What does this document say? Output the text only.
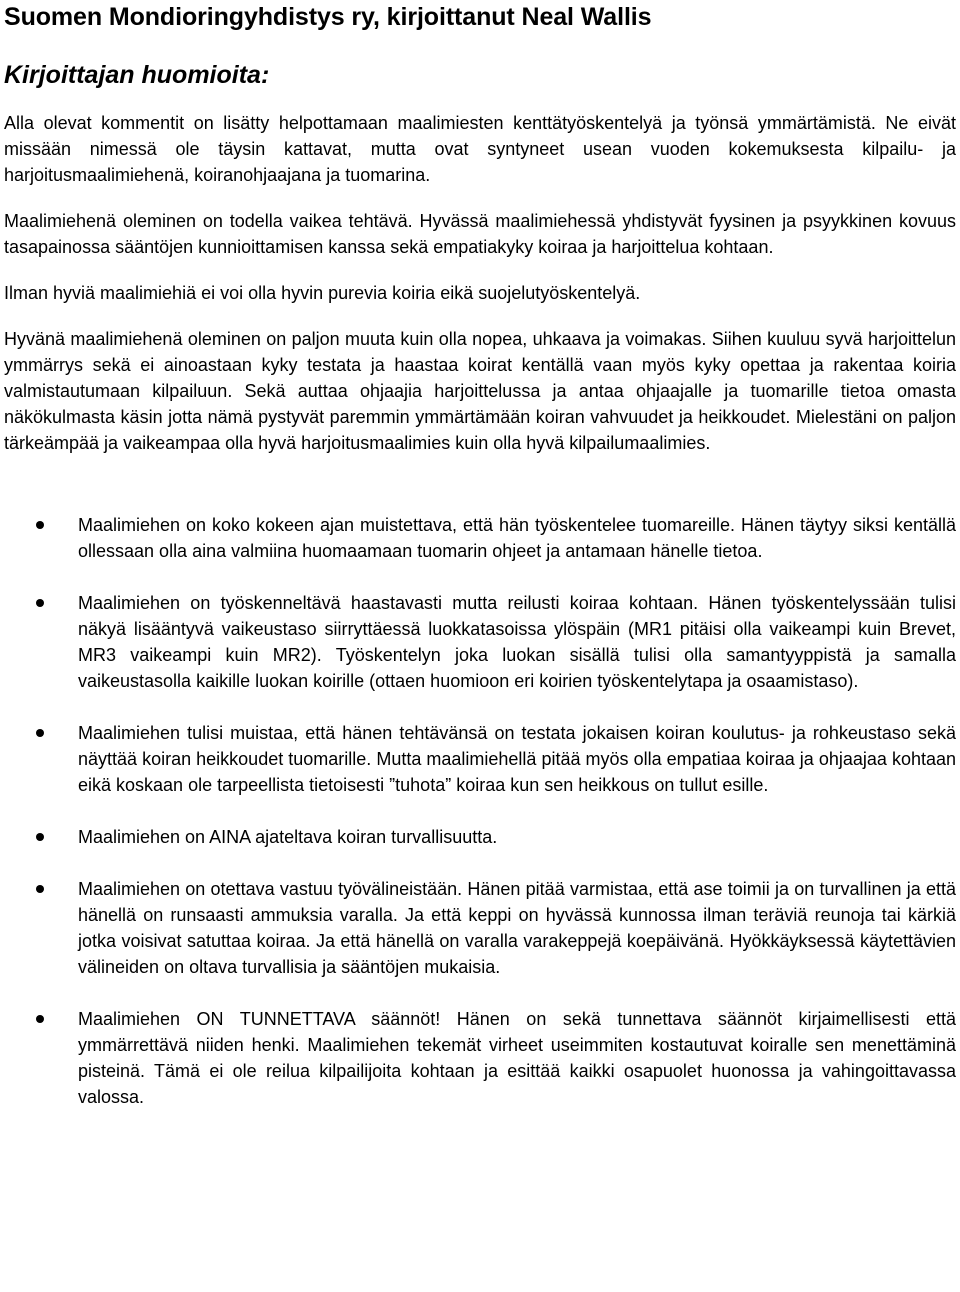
Suomen Mondioringyhdistys ry, kirjoittanut Neal Wallis
Kirjoittajan huomioita:

Alla olevat kommentit on lisätty helpottamaan maalimiesten kenttätyöskentelyä ja työnsä ymmärtämistä. Ne eivät missään nimessä ole täysin kattavat, mutta ovat syntyneet usean vuoden kokemuksesta kilpailu- ja harjoitusmaalimiehenä, koiranohjaajana ja tuomarina.

Maalimiehenä oleminen on todella vaikea tehtävä. Hyvässä maalimiehessä yhdistyvät fyysinen ja psyykkinen kovuus tasapainossa sääntöjen kunnioittamisen kanssa sekä empatiakyky koiraa ja harjoittelua kohtaan.

Ilman hyviä maalimiehiä ei voi olla hyvin purevia koiria eikä suojelutyöskentelyä.

Hyvänä maalimiehenä oleminen on paljon muuta kuin olla nopea, uhkaava ja voimakas. Siihen kuuluu syvä harjoittelun ymmärrys sekä ei ainoastaan kyky testata ja haastaa koirat kentällä vaan myös kyky opettaa ja rakentaa koiria valmistautumaan kilpailuun. Sekä auttaa ohjaajia harjoittelussa ja antaa ohjaajalle ja tuomarille tietoa omasta näkökulmasta käsin jotta nämä pystyvät paremmin ymmärtämään koiran vahvuudet ja heikkoudet. Mielestäni on paljon tärkeämpää ja vaikeampaa olla hyvä harjoitusmaalimies kuin olla hyvä kilpailumaalimies.

Maalimiehen on koko kokeen ajan muistettava, että hän työskentelee tuomareille. Hänen täytyy siksi kentällä ollessaan olla aina valmiina huomaamaan tuomarin ohjeet ja antamaan hänelle tietoa.
Maalimiehen on työskenneltävä haastavasti mutta reilusti koiraa kohtaan. Hänen työskentelyssään tulisi näkyä lisääntyvä vaikeustaso siirryttäessä luokkatasoissa ylöspäin (MR1 pitäisi olla vaikeampi kuin Brevet, MR3 vaikeampi kuin MR2). Työskentelyn joka luokan sisällä tulisi olla samantyyppistä ja samalla vaikeustasolla kaikille luokan koirille (ottaen huomioon eri koirien työskentelytapa ja osaamistaso).
Maalimiehen tulisi muistaa, että hänen tehtävänsä on testata jokaisen koiran koulutus- ja rohkeustaso sekä näyttää koiran heikkoudet tuomarille. Mutta maalimiehellä pitää myös olla empatiaa koiraa ja ohjaajaa kohtaan eikä koskaan ole tarpeellista tietoisesti ”tuhota” koiraa kun sen heikkous on tullut esille.
Maalimiehen on AINA ajateltava koiran turvallisuutta.
Maalimiehen on otettava vastuu työvälineistään. Hänen pitää varmistaa, että ase toimii ja on turvallinen ja että hänellä on runsaasti ammuksia varalla. Ja että keppi on hyvässä kunnossa ilman teräviä reunoja tai kärkiä jotka voisivat satuttaa koiraa. Ja että hänellä on varalla varakeppejä koepäivänä. Hyökkäyksessä käytettävien välineiden on oltava turvallisia ja sääntöjen mukaisia.
Maalimiehen ON TUNNETTAVA säännöt! Hänen on sekä tunnettava säännöt kirjaimellisesti että ymmärrettävä niiden henki. Maalimiehen tekemät virheet useimmiten kostautuvat koiralle sen menettäminä pisteinä. Tämä ei ole reilua kilpailijoita kohtaan ja esittää kaikki osapuolet huonossa ja vahingoittavassa valossa.
